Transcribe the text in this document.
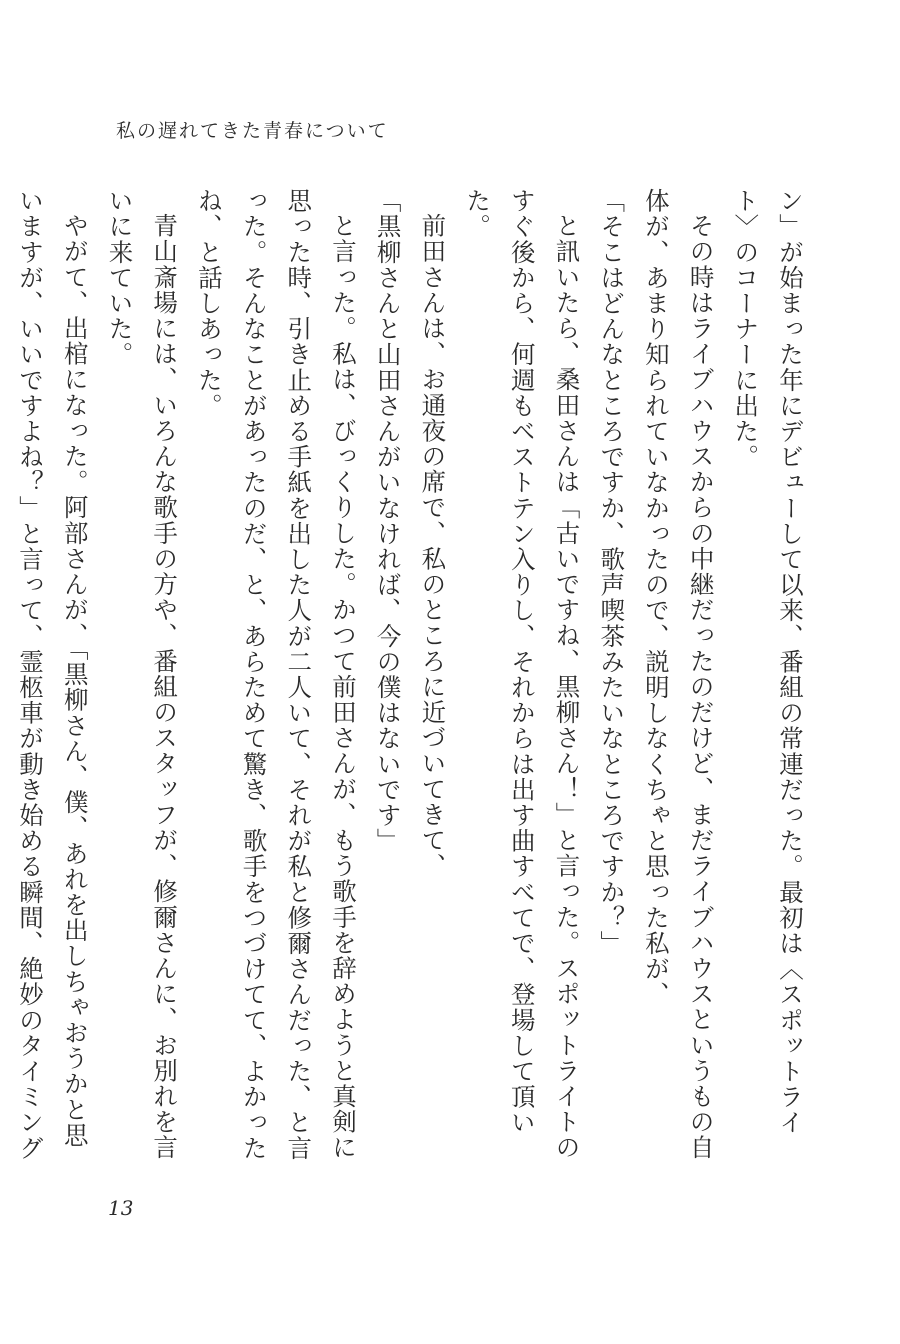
私の遅れてきた青春について

ン」が始まった年にデビューして以来、番組の常連だった。最初は〈スポットライト〉のコーナーに出た。

その時はライブハウスからの中継だったのだけど、まだライブハウスというもの自体が、あまり知られていなかったので、説明しなくちゃと思った私が、

「そこはどんなところですか、歌声喫茶みたいなところですか？」

と訊いたら、桑田さんは「古いですね、黒柳さん！」と言った。スポットライトのすぐ後から、何週もベストテン入りし、それからは出す曲すべてで、登場して頂いた。

前田さんは、お通夜の席で、私のところに近づいてきて、

「黒柳さんと山田さんがいなければ、今の僕はないです」

と言った。私は、びっくりした。かつて前田さんが、もう歌手を辞めようと真剣に思った時、引き止める手紙を出した人が二人いて、それが私と修爾さんだった、と言った。そんなことがあったのだ、と、あらためて驚き、歌手をつづけてて、よかったね、と話しあった。

青山斎場には、いろんな歌手の方や、番組のスタッフが、修爾さんに、お別れを言いに来ていた。

やがて、出棺になった。阿部さんが、「黒柳さん、僕、あれを出しちゃおうかと思いますが、いいですよね？」と言って、霊柩車が動き始める瞬間、絶妙のタイミング

13
